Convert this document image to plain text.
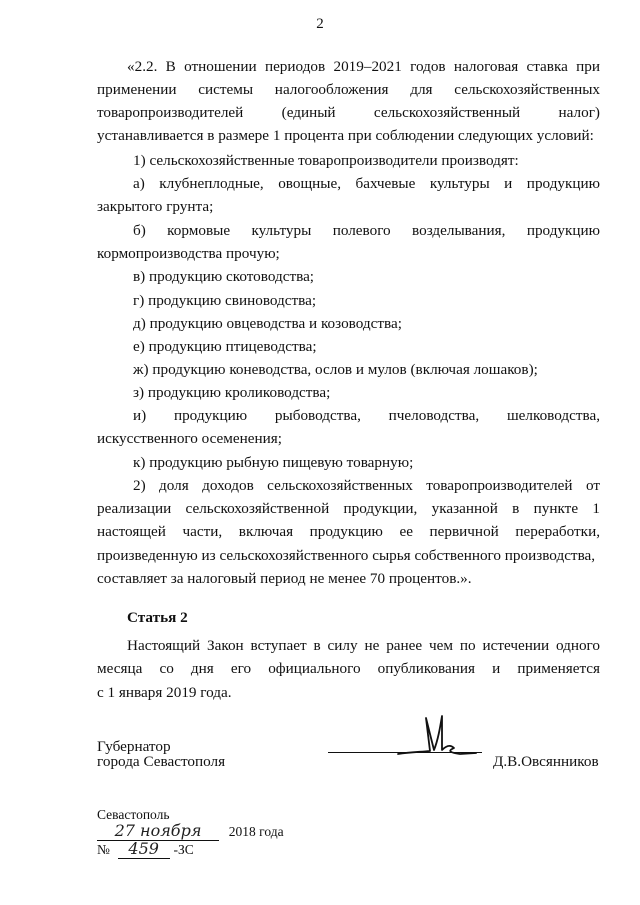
2
«2.2. В отношении периодов 2019–2021 годов налоговая ставка при
применении системы налогообложения для сельскохозяйственных
товаропроизводителей (единый сельскохозяйственный налог)
устанавливается в размере 1 процента при соблюдении следующих условий:
1) сельскохозяйственные товаропроизводители производят:
а) клубнеплодные, овощные, бахчевые культуры и продукцию
закрытого грунта;
б) кормовые культуры полевого возделывания, продукцию
кормопроизводства прочую;
в) продукцию скотоводства;
г) продукцию свиноводства;
д) продукцию овцеводства и козоводства;
е) продукцию птицеводства;
ж) продукцию коневодства, ослов и мулов (включая лошаков);
з) продукцию кролиководства;
и) продукцию рыбоводства, пчеловодства, шелководства,
искусственного осеменения;
к) продукцию рыбную пищевую товарную;
2) доля доходов сельскохозяйственных товаропроизводителей от
реализации сельскохозяйственной продукции, указанной в пункте 1
настоящей части, включая продукцию ее первичной переработки,
произведенную из сельскохозяйственного сырья собственного производства,
составляет за налоговый период не менее 70 процентов.».
Статья 2
Настоящий Закон вступает в силу не ранее чем по истечении одного
месяца со дня его официального опубликования и применяется
с 1 января 2019 года.
Губернатор
города Севастополя	Д.В.Овсянников
Севастополь
27 ноября 2018 года
№ 459 -ЗС
